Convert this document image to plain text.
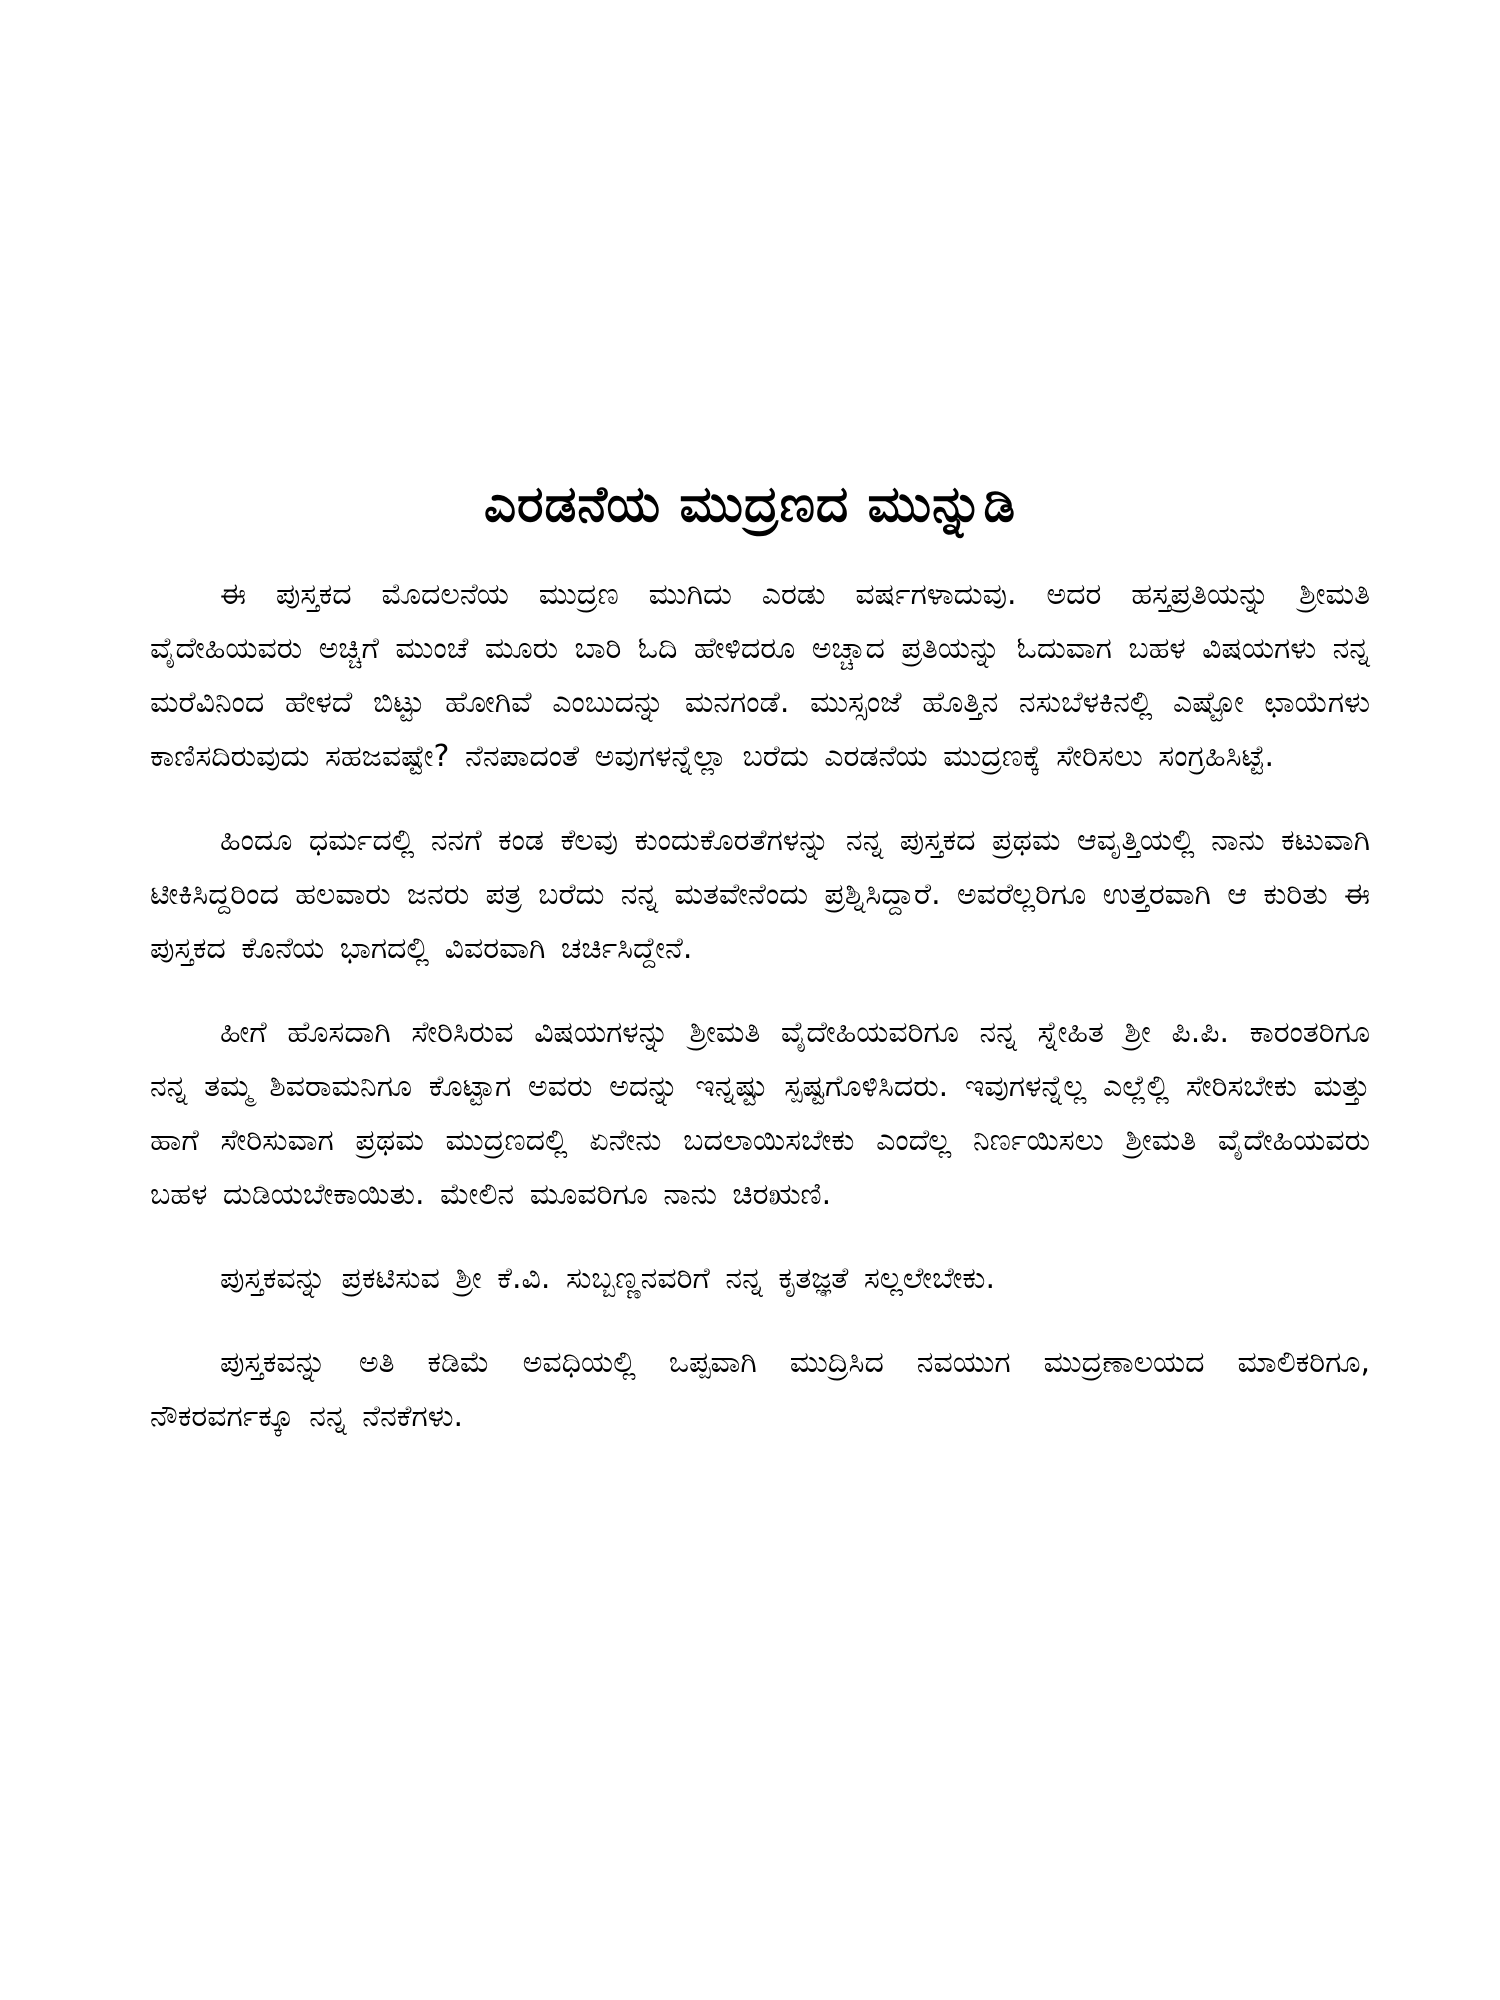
ಎರಡನೆಯ ಮುದ್ರಣದ ಮುನ್ನುಡಿ

ಈ ಪುಸ್ತಕದ ಮೊದಲನೆಯ ಮುದ್ರಣ ಮುಗಿದು ಎರಡು ವರ್ಷಗಳಾದುವು. ಅದರ ಹಸ್ತಪ್ರತಿಯನ್ನು ಶ್ರೀಮತಿ ವೈದೇಹಿಯವರು ಅಚ್ಚಿಗೆ ಮುಂಚೆ ಮೂರು ಬಾರಿ ಓದಿ ಹೇಳಿದರೂ ಅಚ್ಚಾದ ಪ್ರತಿಯನ್ನು ಓದುವಾಗ ಬಹಳ ವಿಷಯಗಳು ನನ್ನ ಮರೆವಿನಿಂದ ಹೇಳದೆ ಬಿಟ್ಟು ಹೋಗಿವೆ ಎಂಬುದನ್ನು ಮನಗಂಡೆ. ಮುಸ್ಸಂಜೆ ಹೊತ್ತಿನ ನಸುಬೆಳಕಿನಲ್ಲಿ ಎಷ್ಟೋ ಛಾಯೆಗಳು ಕಾಣಿಸದಿರುವುದು ಸಹಜವಷ್ಟೇ? ನೆನಪಾದಂತೆ ಅವುಗಳನ್ನೆಲ್ಲಾ ಬರೆದು ಎರಡನೆಯ ಮುದ್ರಣಕ್ಕೆ ಸೇರಿಸಲು ಸಂಗ್ರಹಿಸಿಟ್ಟೆ.

ಹಿಂದೂ ಧರ್ಮದಲ್ಲಿ ನನಗೆ ಕಂಡ ಕೆಲವು ಕುಂದುಕೊರತೆಗಳನ್ನು ನನ್ನ ಪುಸ್ತಕದ ಪ್ರಥಮ ಆವೃತ್ತಿಯಲ್ಲಿ ನಾನು ಕಟುವಾಗಿ ಟೀಕಿಸಿದ್ದರಿಂದ ಹಲವಾರು ಜನರು ಪತ್ರ ಬರೆದು ನನ್ನ ಮತವೇನೆಂದು ಪ್ರಶ್ನಿಸಿದ್ದಾರೆ. ಅವರೆಲ್ಲರಿಗೂ ಉತ್ತರವಾಗಿ ಆ ಕುರಿತು ಈ ಪುಸ್ತಕದ ಕೊನೆಯ ಭಾಗದಲ್ಲಿ ವಿವರವಾಗಿ ಚರ್ಚಿಸಿದ್ದೇನೆ.

ಹೀಗೆ ಹೊಸದಾಗಿ ಸೇರಿಸಿರುವ ವಿಷಯಗಳನ್ನು ಶ್ರೀಮತಿ ವೈದೇಹಿಯವರಿಗೂ ನನ್ನ ಸ್ನೇಹಿತ ಶ್ರೀ ಪಿ.ಪಿ. ಕಾರಂತರಿಗೂ ನನ್ನ ತಮ್ಮ ಶಿವರಾಮನಿಗೂ ಕೊಟ್ಟಾಗ ಅವರು ಅದನ್ನು ಇನ್ನಷ್ಟು ಸ್ಪಷ್ಟಗೊಳಿಸಿದರು. ಇವುಗಳನ್ನೆಲ್ಲ ಎಲ್ಲೆಲ್ಲಿ ಸೇರಿಸಬೇಕು ಮತ್ತು ಹಾಗೆ ಸೇರಿಸುವಾಗ ಪ್ರಥಮ ಮುದ್ರಣದಲ್ಲಿ ಏನೇನು ಬದಲಾಯಿಸಬೇಕು ಎಂದೆಲ್ಲ ನಿರ್ಣಯಿಸಲು ಶ್ರೀಮತಿ ವೈದೇಹಿಯವರು ಬಹಳ ದುಡಿಯಬೇಕಾಯಿತು. ಮೇಲಿನ ಮೂವರಿಗೂ ನಾನು ಚಿರಋಣಿ.

ಪುಸ್ತಕವನ್ನು ಪ್ರಕಟಿಸುವ ಶ್ರೀ ಕೆ.ವಿ. ಸುಬ್ಬಣ್ಣನವರಿಗೆ ನನ್ನ ಕೃತಜ್ಞತೆ ಸಲ್ಲಲೇಬೇಕು.

ಪುಸ್ತಕವನ್ನು ಅತಿ ಕಡಿಮೆ ಅವಧಿಯಲ್ಲಿ ಒಪ್ಪವಾಗಿ ಮುದ್ರಿಸಿದ ನವಯುಗ ಮುದ್ರಣಾಲಯದ ಮಾಲಿಕರಿಗೂ, ನೌಕರವರ್ಗಕ್ಕೂ ನನ್ನ ನೆನಕೆಗಳು.
